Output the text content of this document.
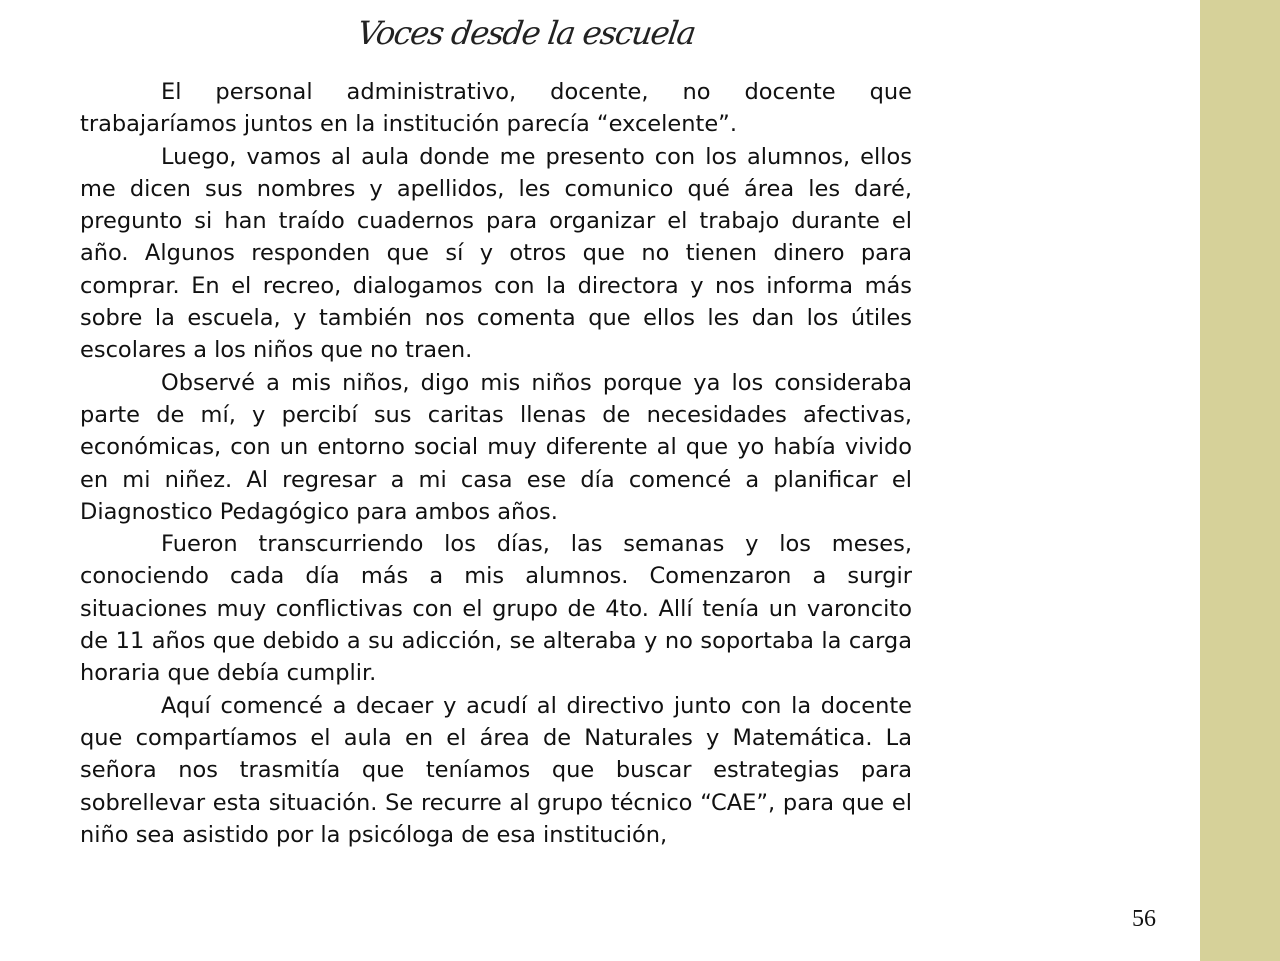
Voces desde la escuela

El personal administrativo, docente, no docente que trabajaríamos juntos en la institución parecía “excelente”.

Luego, vamos al aula donde me presento con los alumnos, ellos me dicen sus nombres y apellidos, les comunico qué área les daré, pregunto si han traído cuadernos para organizar el trabajo durante el año. Algunos responden que sí y otros que no tienen dinero para comprar. En el recreo, dialogamos con la directora y nos informa más sobre la escuela, y también nos comenta que ellos les dan los útiles escolares a los niños que no traen.

Observé a mis niños, digo mis niños porque ya los consideraba parte de mí, y percibí sus caritas llenas de necesidades afectivas, económicas, con un entorno social muy diferente al que yo había vivido en mi niñez. Al regresar a mi casa ese día comencé a planificar el Diagnostico Pedagógico para ambos años.

Fueron transcurriendo los días, las semanas y los meses, conociendo cada día más a mis alumnos. Comenzaron a surgir situaciones muy conflictivas con el grupo de 4to. Allí tenía un varoncito de 11 años que debido a su adicción, se alteraba y no soportaba la carga horaria que debía cumplir.

Aquí comencé a decaer y acudí al directivo junto con la docente que compartíamos el aula en el área de Naturales y Matemática. La señora nos trasmitía que teníamos que buscar estrategias para sobrellevar esta situación. Se recurre al grupo técnico “CAE”, para que el niño sea asistido por la psicóloga de esa institución,

56
